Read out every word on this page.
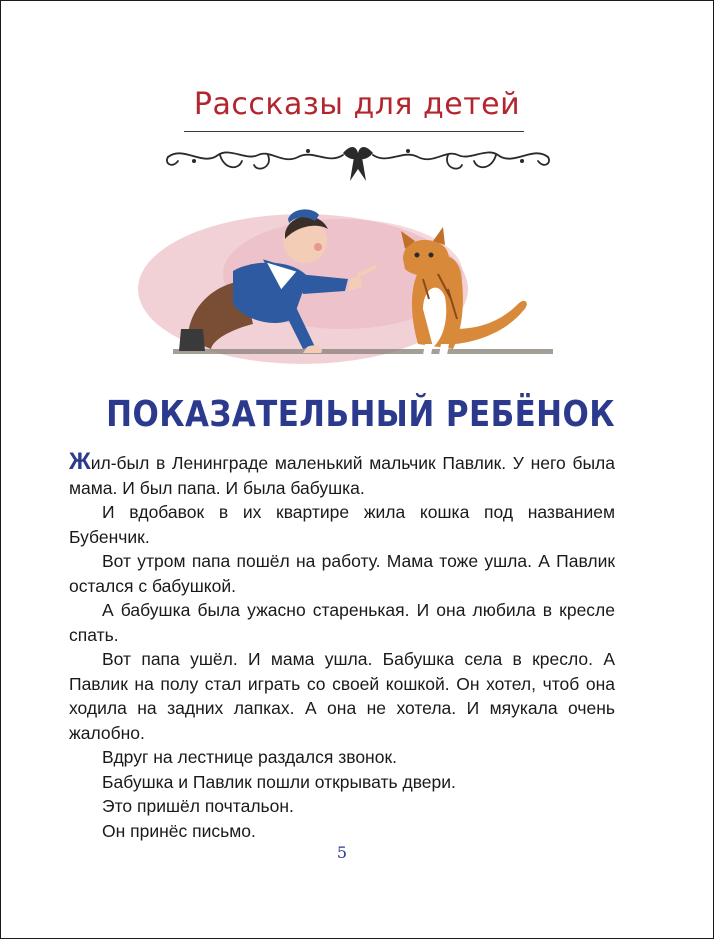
Рассказы для детей
ПОКАЗАТЕЛЬНЫЙ РЕБЁНОК

Жил-был в Ленинграде маленький мальчик Павлик. У него была мама. И был папа. И была бабушка.

И вдобавок в их квартире жила кошка под названием Бубенчик.

Вот утром папа пошёл на работу. Мама тоже ушла. А Павлик остался с бабушкой.

А бабушка была ужасно старенькая. И она любила в кресле спать.

Вот папа ушёл. И мама ушла. Бабушка села в кресло. А Павлик на полу стал играть со своей кошкой. Он хотел, чтоб она ходила на задних лапках. А она не хотела. И мяукала очень жалобно.

Вдруг на лестнице раздался звонок.

Бабушка и Павлик пошли открывать двери.

Это пришёл почтальон.

Он принёс письмо.

5
